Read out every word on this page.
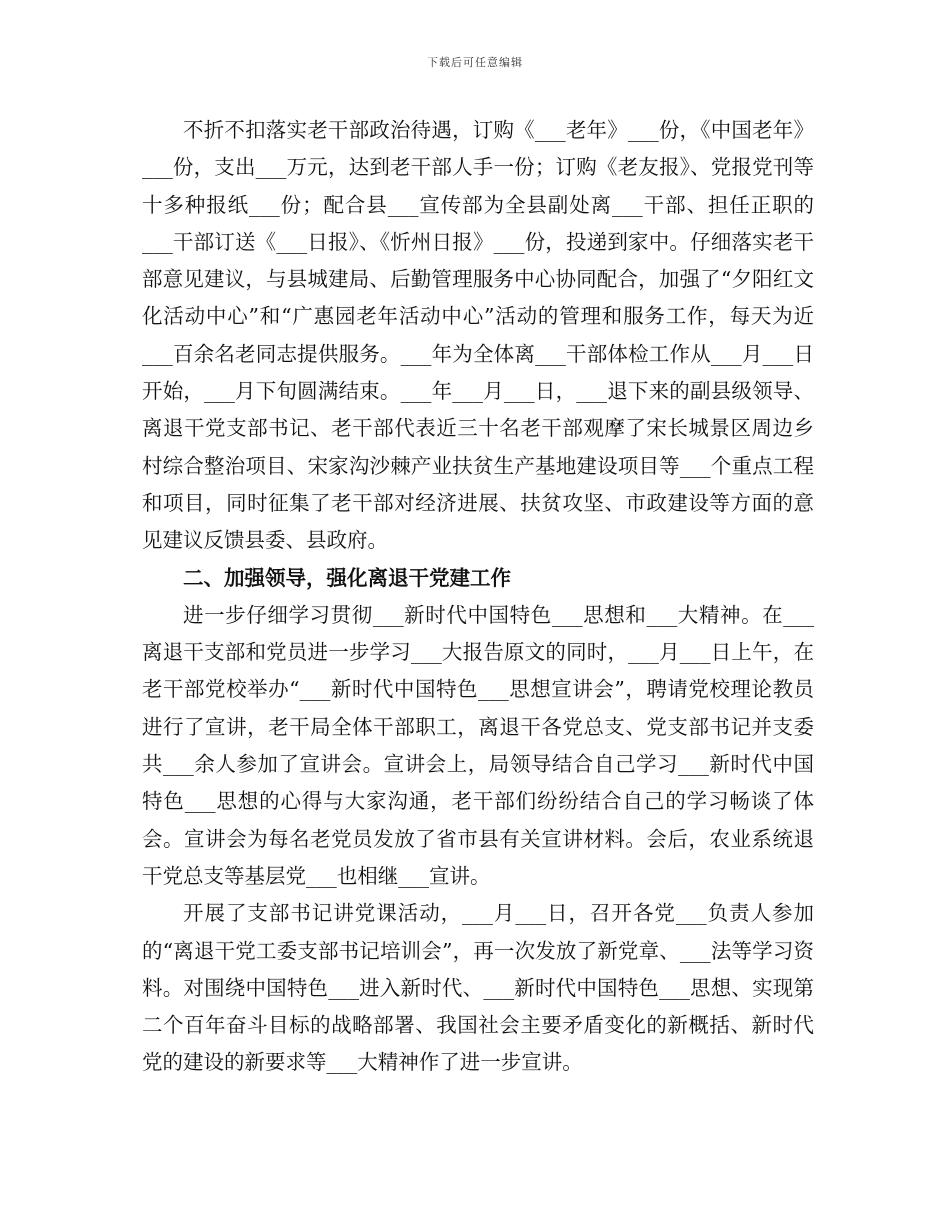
下载后可任意编辑

不折不扣落实老干部政治待遇，订购《___老年》___份，《中国老年》___份，支出___万元，达到老干部人手一份；订购《老友报》、党报党刊等十多种报纸___份；配合县___宣传部为全县副处离___干部、担任正职的___干部订送《___日报》、《忻州日报》___份，投递到家中。仔细落实老干部意见建议，与县城建局、后勤管理服务中心协同配合，加强了“夕阳红文化活动中心”和“广惠园老年活动中心”活动的管理和服务工作，每天为近___百余名老同志提供服务。___年为全体离___干部体检工作从___月___日开始，___月下旬圆满结束。___年___月___日，___退下来的副县级领导、离退干党支部书记、老干部代表近三十名老干部观摩了宋长城景区周边乡村综合整治项目、宋家沟沙棘产业扶贫生产基地建设项目等___个重点工程和项目，同时征集了老干部对经济进展、扶贫攻坚、市政建设等方面的意见建议反馈县委、县政府。

二、加强领导，强化离退干党建工作

进一步仔细学习贯彻___新时代中国特色___思想和___大精神。在___离退干支部和党员进一步学习___大报告原文的同时，___月___日上午，在老干部党校举办“___新时代中国特色___思想宣讲会”，聘请党校理论教员进行了宣讲，老干局全体干部职工，离退干各党总支、党支部书记并支委共___余人参加了宣讲会。宣讲会上，局领导结合自己学习___新时代中国特色___思想的心得与大家沟通，老干部们纷纷结合自己的学习畅谈了体会。宣讲会为每名老党员发放了省市县有关宣讲材料。会后，农业系统退干党总支等基层党___也相继___宣讲。

开展了支部书记讲党课活动，___月___日，召开各党___负责人参加的“离退干党工委支部书记培训会”，再一次发放了新党章、___法等学习资料。对围绕中国特色___进入新时代、___新时代中国特色___思想、实现第二个百年奋斗目标的战略部署、我国社会主要矛盾变化的新概括、新时代党的建设的新要求等___大精神作了进一步宣讲。
